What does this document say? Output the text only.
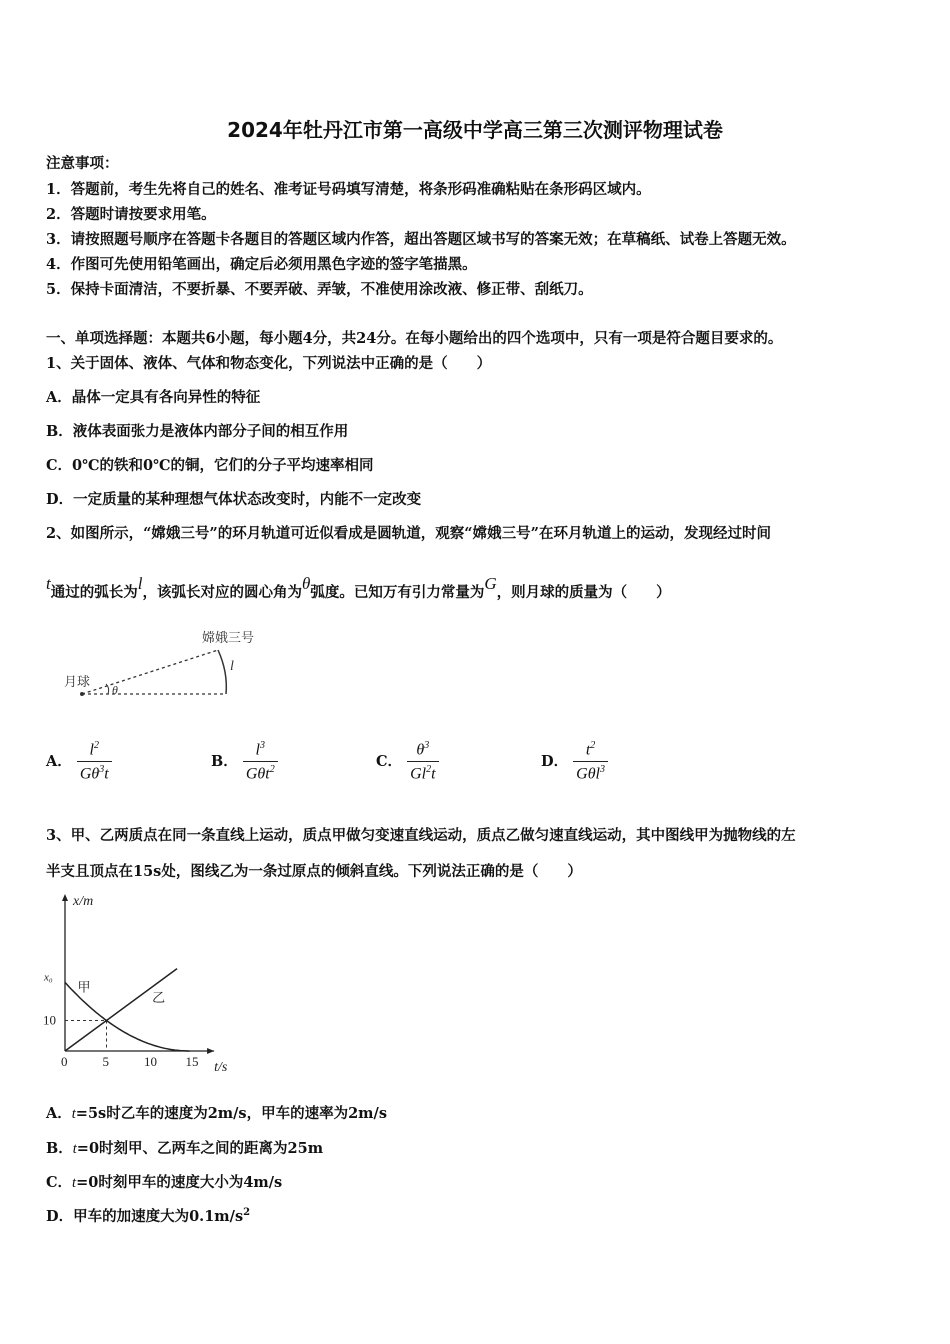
2024年牡丹江市第一高级中学高三第三次测评物理试卷
注意事项：
1．答题前，考生先将自己的姓名、准考证号码填写清楚，将条形码准确粘贴在条形码区域内。
2．答题时请按要求用笔。
3．请按照题号顺序在答题卡各题目的答题区域内作答，超出答题区域书写的答案无效；在草稿纸、试卷上答题无效。
4．作图可先使用铅笔画出，确定后必须用黑色字迹的签字笔描黑。
5．保持卡面清洁，不要折暴、不要弄破、弄皱，不准使用涂改液、修正带、刮纸刀。
一、单项选择题：本题共6小题，每小题4分，共24分。在每小题给出的四个选项中，只有一项是符合题目要求的。
1、关于固体、液体、气体和物态变化，下列说法中正确的是（　　）
A．晶体一定具有各向异性的特征
B．液体表面张力是液体内部分子间的相互作用
C．0℃的铁和0℃的铜，它们的分子平均速率相同
D．一定质量的某种理想气体状态改变时，内能不一定改变
2、如图所示，“嫦娥三号”的环月轨道可近似看成是圆轨道，观察“嫦娥三号”在环月轨道上的运动，发现经过时间
t通过的弧长为l，该弧长对应的圆心角为θ弧度。已知万有引力常量为G，则月球的质量为（　　）
嫦娥三号
月球
l
θ
A． $\frac{l^2}{G\theta^3t}$	B． $\frac{l^3}{G\theta t^2}$	C． $\frac{\theta^3}{Gl^2t}$	D． $\frac{t^2}{G\theta l^3}$
3、甲、乙两质点在同一条直线上运动，质点甲做匀变速直线运动，质点乙做匀速直线运动，其中图线甲为抛物线的左
半支且顶点在15s处，图线乙为一条过原点的倾斜直线。下列说法正确的是（　　）
x/m
t/s
0	5	10 15
10
x₀
甲
乙
A．t=5s时乙车的速度为2m/s，甲车的速率为2m/s
B．t=0时刻甲、乙两车之间的距离为25m
C．t=0时刻甲车的速度大小为4m/s
D．甲车的加速度大为$0.1m/s^2$
